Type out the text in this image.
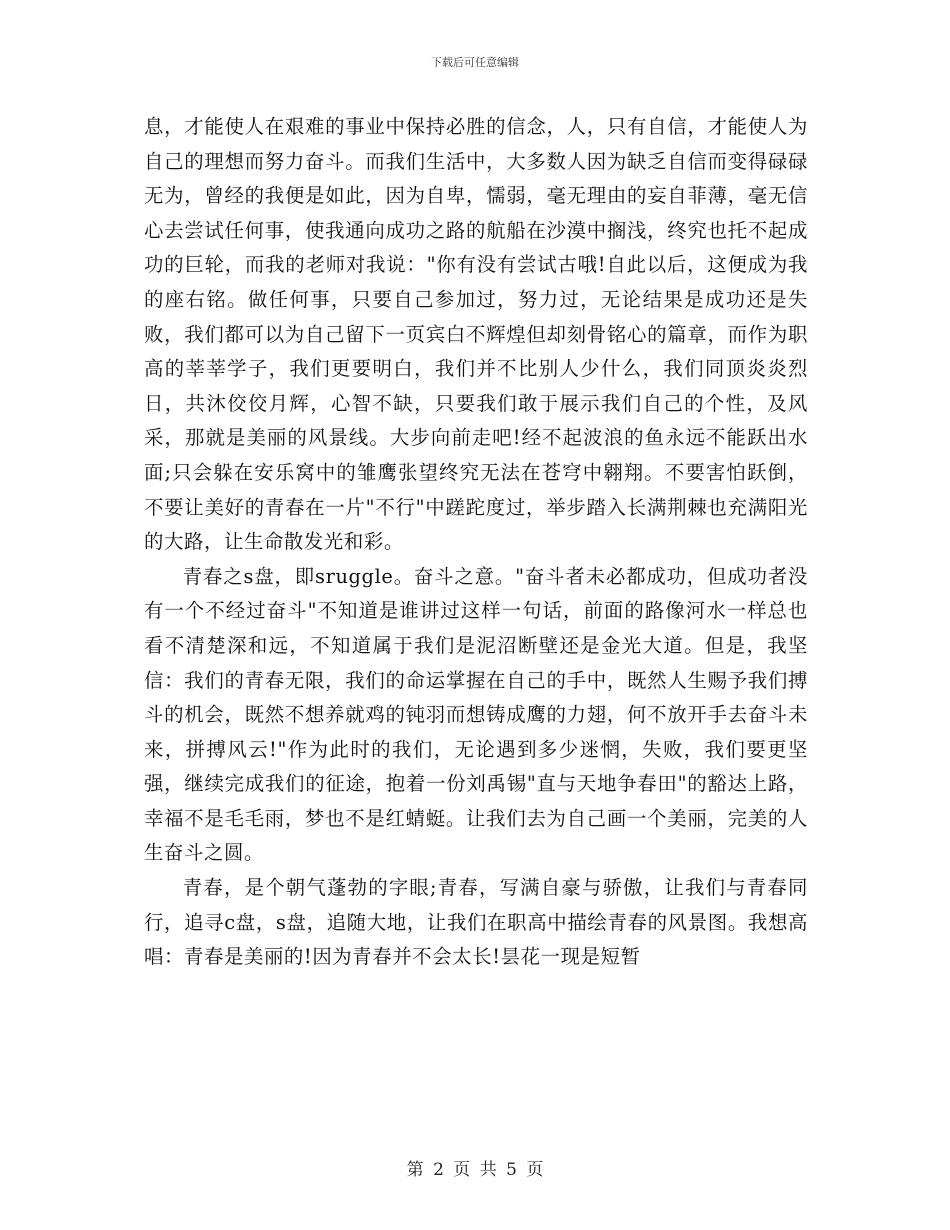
下载后可任意编辑

息，才能使人在艰难的事业中保持必胜的信念，人，只有自信，才能使人为自己的理想而努力奋斗。而我们生活中，大多数人因为缺乏自信而变得碌碌无为，曾经的我便是如此，因为自卑，懦弱，毫无理由的妄自菲薄，毫无信心去尝试任何事，使我通向成功之路的航船在沙漠中搁浅，终究也托不起成功的巨轮，而我的老师对我说："你有没有尝试古哦!自此以后，这便成为我的座右铭。做任何事，只要自己参加过，努力过，无论结果是成功还是失败，我们都可以为自己留下一页宾白不辉煌但却刻骨铭心的篇章，而作为职高的莘莘学子，我们更要明白，我们并不比别人少什么，我们同顶炎炎烈日，共沐佼佼月辉，心智不缺，只要我们敢于展示我们自己的个性，及风采，那就是美丽的风景线。大步向前走吧!经不起波浪的鱼永远不能跃出水面;只会躲在安乐窝中的雏鹰张望终究无法在苍穹中翱翔。不要害怕跃倒，不要让美好的青春在一片"不行"中蹉跎度过，举步踏入长满荆棘也充满阳光的大路，让生命散发光和彩。

青春之s盘，即sruggle。奋斗之意。"奋斗者未必都成功，但成功者没有一个不经过奋斗"不知道是谁讲过这样一句话，前面的路像河水一样总也看不清楚深和远，不知道属于我们是泥沼断壁还是金光大道。但是，我坚信：我们的青春无限，我们的命运掌握在自己的手中，既然人生赐予我们搏斗的机会，既然不想养就鸡的钝羽而想铸成鹰的力翅，何不放开手去奋斗未来，拼搏风云!"作为此时的我们，无论遇到多少迷惘，失败，我们要更坚强，继续完成我们的征途，抱着一份刘禹锡"直与天地争春田"的豁达上路，幸福不是毛毛雨，梦也不是红蜻蜓。让我们去为自己画一个美丽，完美的人生奋斗之圆。

青春，是个朝气蓬勃的字眼;青春，写满自豪与骄傲，让我们与青春同行，追寻c盘，s盘，追随大地，让我们在职高中描绘青春的风景图。我想高唱：青春是美丽的!因为青春并不会太长!昙花一现是短暂

第 2 页 共 5 页
